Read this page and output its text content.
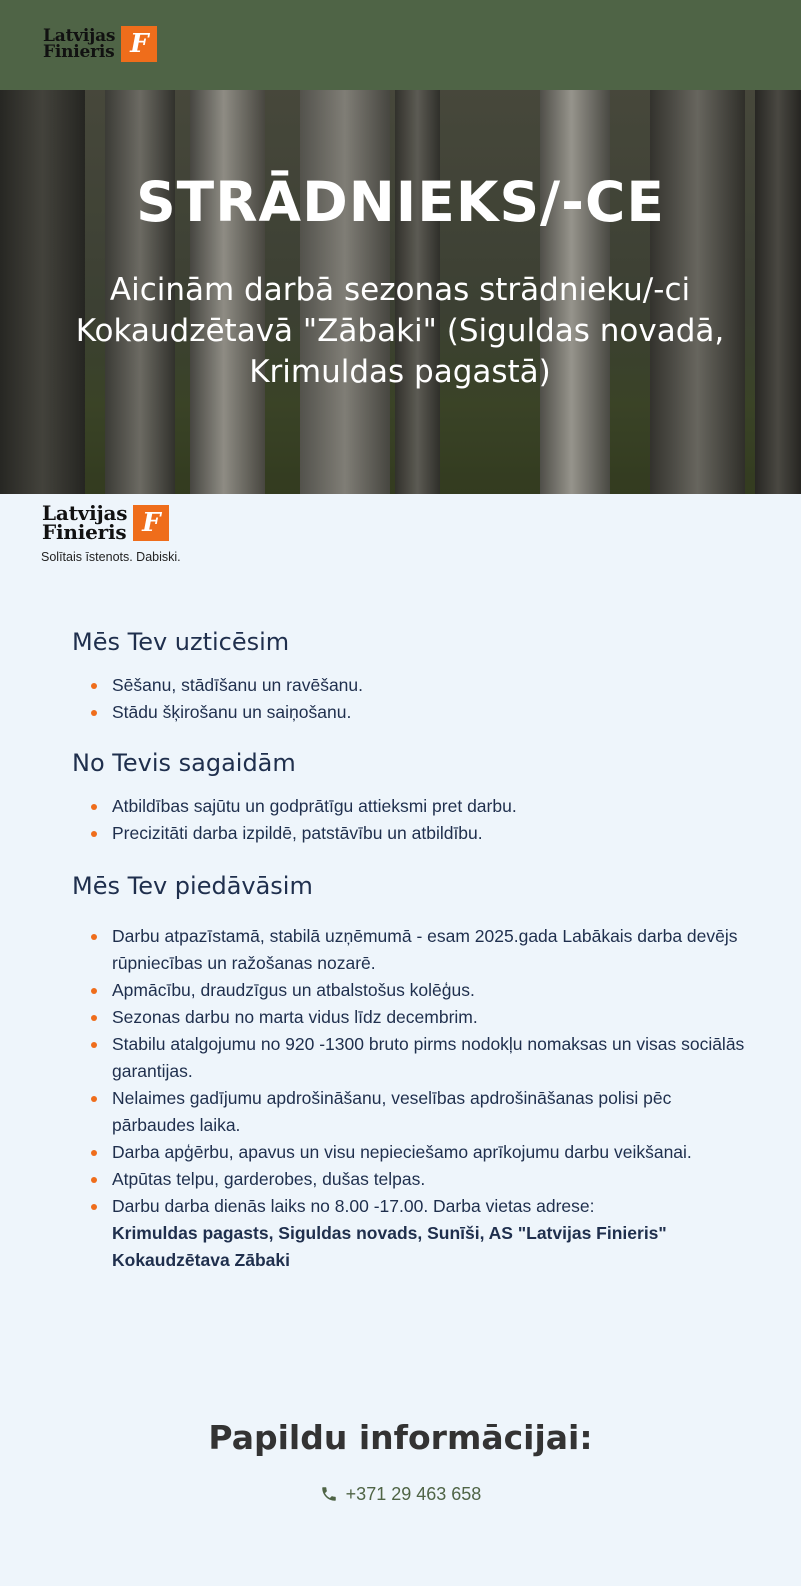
Latvijas
Finieris F
STRĀDNIEKS/-CE
Aicinām darbā sezonas strādnieku/-ci Kokaudzētavā "Zābaki" (Siguldas novadā, Krimuldas pagastā)
Latvijas
Finieris F
Solītais īstenots. Dabiski.
Mēs Tev uzticēsim
Sēšanu, stādīšanu un ravēšanu.
Stādu šķirošanu un saiņošanu.
No Tevis sagaidām
Atbildības sajūtu un godprātīgu attieksmi pret darbu.
Precizitāti darba izpildē, patstāvību un atbildību.
Mēs Tev piedāvāsim
Darbu atpazīstamā, stabilā uzņēmumā - esam 2025.gada Labākais darba devējs rūpniecības un ražošanas nozarē.
Apmācību, draudzīgus un atbalstošus kolēģus.
Sezonas darbu no marta vidus līdz decembrim.
Stabilu atalgojumu no 920 -1300 bruto pirms nodokļu nomaksas un visas sociālās garantijas.
Nelaimes gadījumu apdrošināšanu, veselības apdrošināšanas polisi pēc pārbaudes laika.
Darba apģērbu, apavus un visu nepieciešamo aprīkojumu darbu veikšanai.
Atpūtas telpu, garderobes, dušas telpas.
Darbu darba dienās laiks no 8.00 -17.00. Darba vietas adrese:
Krimuldas pagasts, Siguldas novads, Sunīši, AS "Latvijas Finieris" Kokaudzētava Zābaki
Papildu informācijai:
+371 29 463 658
